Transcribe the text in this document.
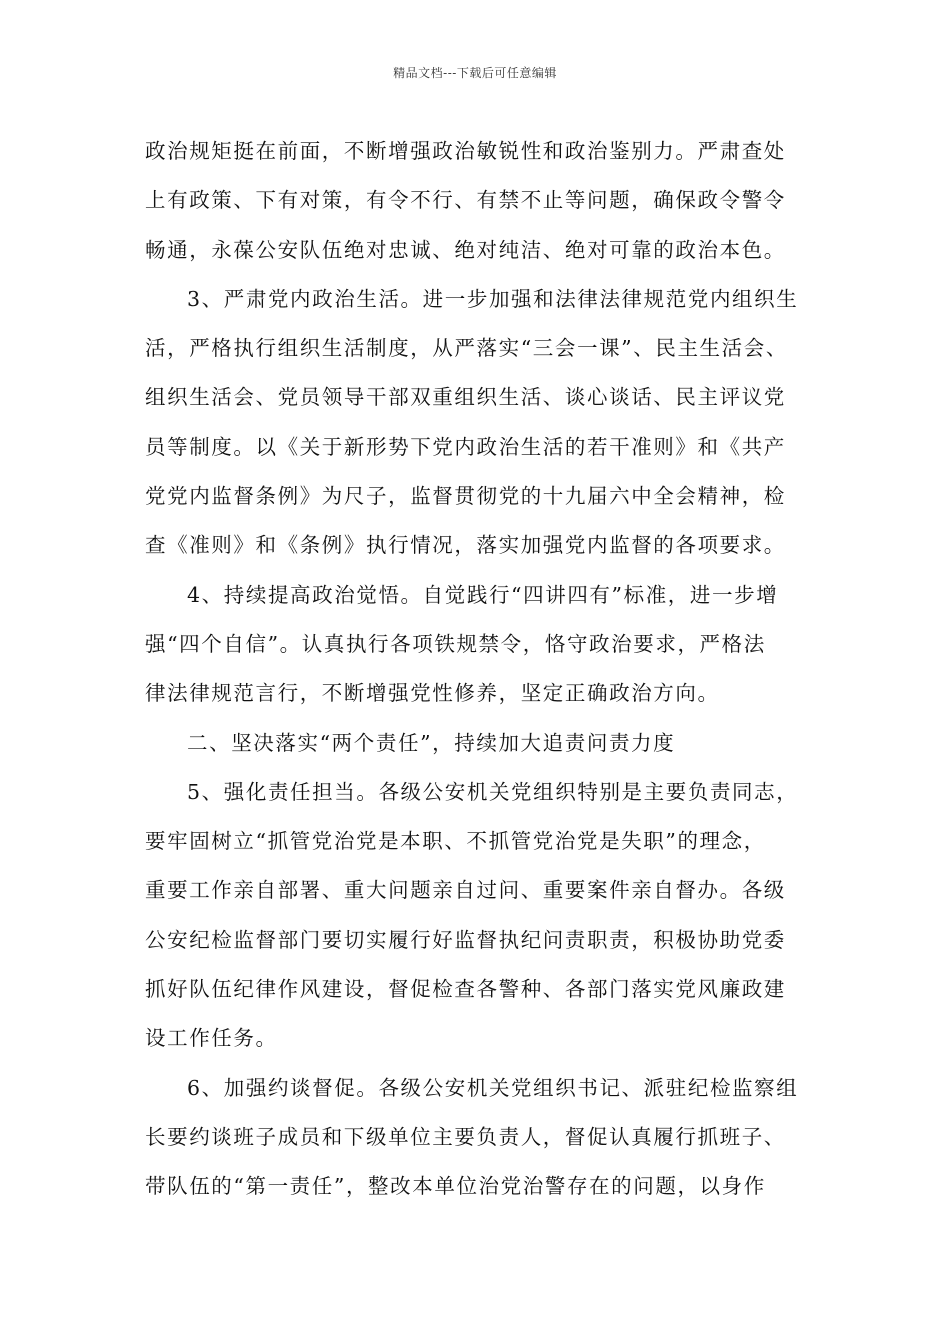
精品文档---下载后可任意编辑
政治规矩挺在前面，不断增强政治敏锐性和政治鉴别力。严肃查处
上有政策、下有对策，有令不行、有禁不止等问题，确保政令警令
畅通，永葆公安队伍绝对忠诚、绝对纯洁、绝对可靠的政治本色。
3、严肃党内政治生活。进一步加强和法律法律规范党内组织生
活，严格执行组织生活制度，从严落实“三会一课”、民主生活会、
组织生活会、党员领导干部双重组织生活、谈心谈话、民主评议党
员等制度。以《关于新形势下党内政治生活的若干准则》和《共产
党党内监督条例》为尺子，监督贯彻党的十九届六中全会精神，检
查《准则》和《条例》执行情况，落实加强党内监督的各项要求。
4、持续提高政治觉悟。自觉践行“四讲四有”标准，进一步增
强“四个自信”。认真执行各项铁规禁令，恪守政治要求，严格法
律法律规范言行，不断增强党性修养，坚定正确政治方向。
二、坚决落实“两个责任”，持续加大追责问责力度
5、强化责任担当。各级公安机关党组织特别是主要负责同志，
要牢固树立“抓管党治党是本职、不抓管党治党是失职”的理念，
重要工作亲自部署、重大问题亲自过问、重要案件亲自督办。各级
公安纪检监督部门要切实履行好监督执纪问责职责，积极协助党委
抓好队伍纪律作风建设，督促检查各警种、各部门落实党风廉政建
设工作任务。
6、加强约谈督促。各级公安机关党组织书记、派驻纪检监察组
长要约谈班子成员和下级单位主要负责人，督促认真履行抓班子、
带队伍的“第一责任”，整改本单位治党治警存在的问题，以身作
